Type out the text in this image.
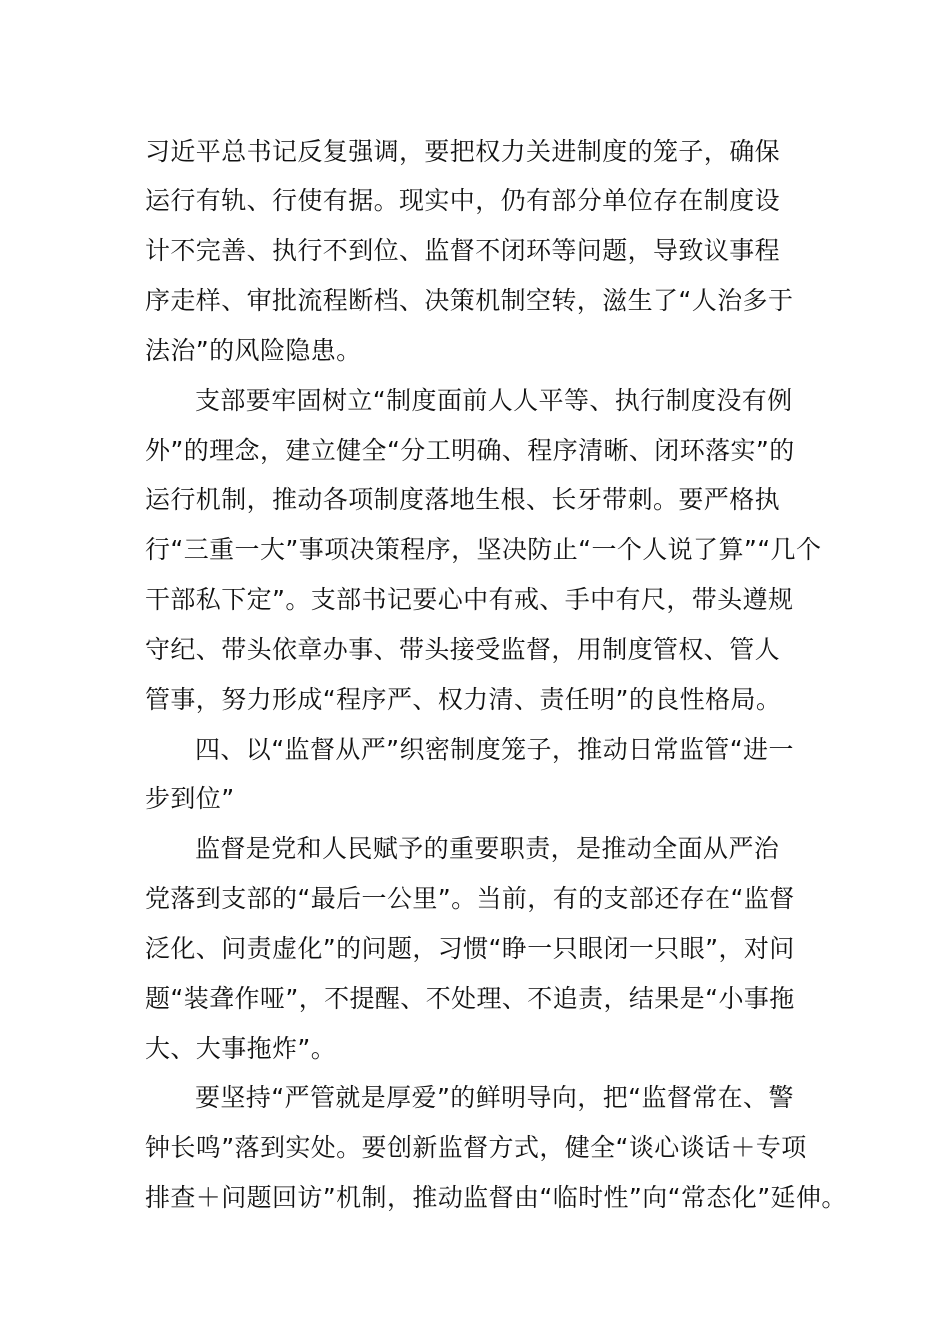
习近平总书记反复强调，要把权力关进制度的笼子，确保
运行有轨、行使有据。现实中，仍有部分单位存在制度设
计不完善、执行不到位、监督不闭环等问题，导致议事程
序走样、审批流程断档、决策机制空转，滋生了“人治多于
法治”的风险隐患。
支部要牢固树立“制度面前人人平等、执行制度没有例
外”的理念，建立健全“分工明确、程序清晰、闭环落实”的
运行机制，推动各项制度落地生根、长牙带刺。要严格执
行“三重一大”事项决策程序，坚决防止“一个人说了算”“几个
干部私下定”。支部书记要心中有戒、手中有尺，带头遵规
守纪、带头依章办事、带头接受监督，用制度管权、管人
管事，努力形成“程序严、权力清、责任明”的良性格局。
四、以“监督从严”织密制度笼子，推动日常监管“进一
步到位”
监督是党和人民赋予的重要职责，是推动全面从严治
党落到支部的“最后一公里”。当前，有的支部还存在“监督
泛化、问责虚化”的问题，习惯“睁一只眼闭一只眼”，对问
题“装聋作哑”，不提醒、不处理、不追责，结果是“小事拖
大、大事拖炸”。
要坚持“严管就是厚爱”的鲜明导向，把“监督常在、警
钟长鸣”落到实处。要创新监督方式，健全“谈心谈话＋专项
排查＋问题回访”机制，推动监督由“临时性”向“常态化”延伸。
